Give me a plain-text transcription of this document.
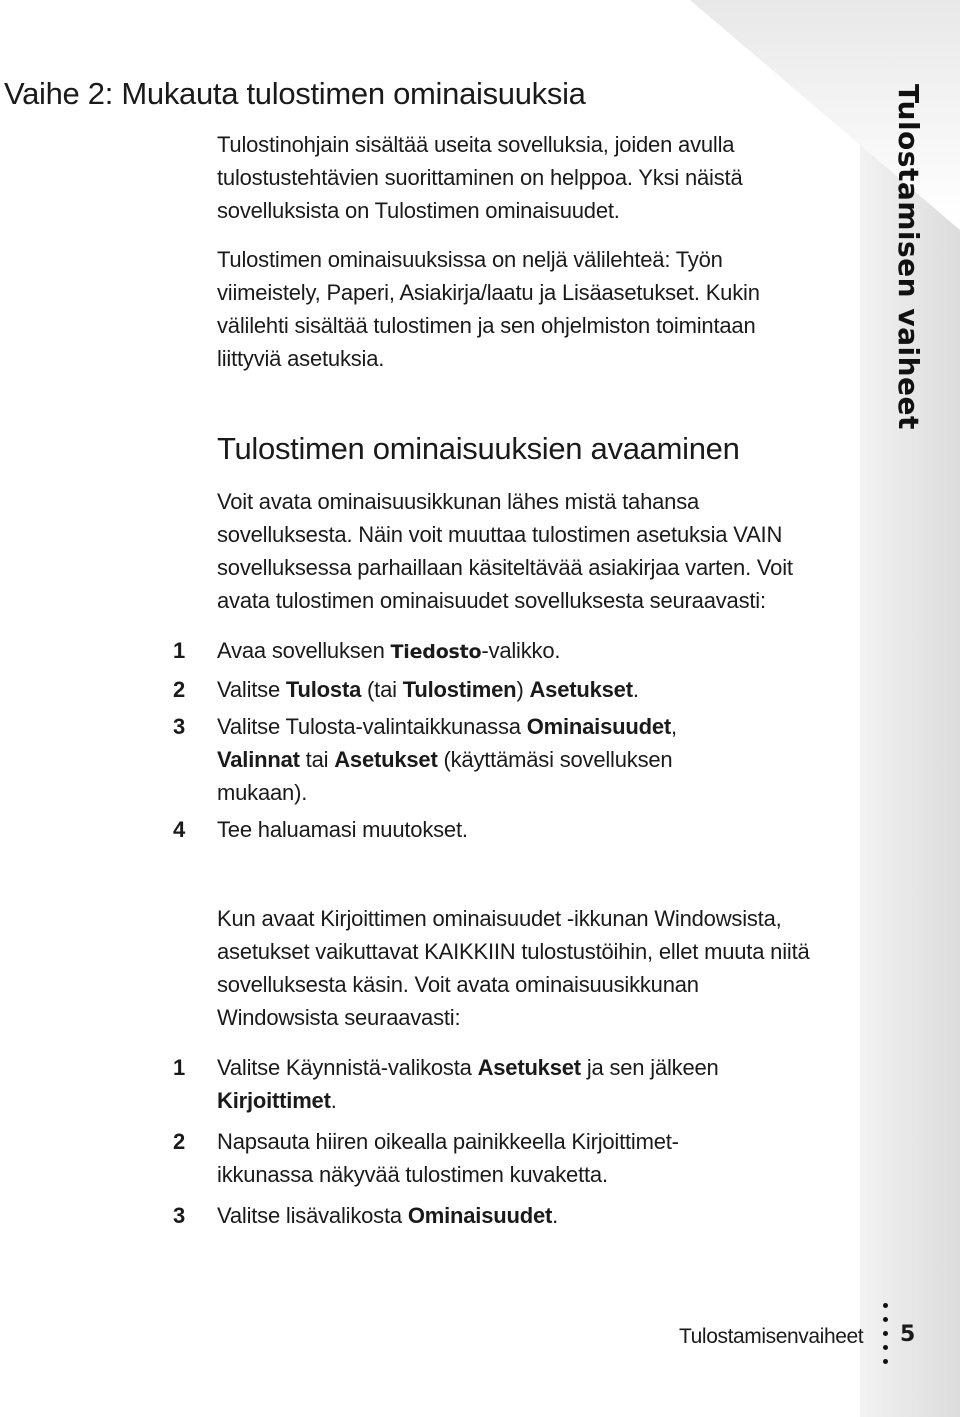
Tulostamisen vaiheet
Vaihe 2: Mukauta tulostimen ominaisuuksia

Tulostinohjain sisältää useita sovelluksia, joiden avulla tulostustehtävien suorittaminen on helppoa. Yksi näistä sovelluksista on Tulostimen ominaisuudet.

Tulostimen ominaisuuksissa on neljä välilehteä: Työn viimeistely, Paperi, Asiakirja/laatu ja Lisäasetukset. Kukin välilehti sisältää tulostimen ja sen ohjelmiston toimintaan liittyviä asetuksia.

Tulostimen ominaisuuksien avaaminen

Voit avata ominaisuusikkunan lähes mistä tahansa sovelluksesta. Näin voit muuttaa tulostimen asetuksia VAIN sovelluksessa parhaillaan käsiteltävää asiakirjaa varten. Voit avata tulostimen ominaisuudet sovelluksesta seuraavasti:

1 Avaa sovelluksen Tiedosto-valikko.
2 Valitse Tulosta (tai Tulostimen) Asetukset.
3 Valitse Tulosta-valintaikkunassa Ominaisuudet, Valinnat tai Asetukset (käyttämäsi sovelluksen mukaan).
4 Tee haluamasi muutokset.

Kun avaat Kirjoittimen ominaisuudet -ikkunan Windowsista, asetukset vaikuttavat KAIKKIIN tulostustöihin, ellet muuta niitä sovelluksesta käsin. Voit avata ominaisuusikkunan Windowsista seuraavasti:

1 Valitse Käynnistä-valikosta Asetukset ja sen jälkeen Kirjoittimet.
2 Napsauta hiiren oikealla painikkeella Kirjoittimet-ikkunassa näkyvää tulostimen kuvaketta.
3 Valitse lisävalikosta Ominaisuudet.
Tulostamisenvaiheet 5
